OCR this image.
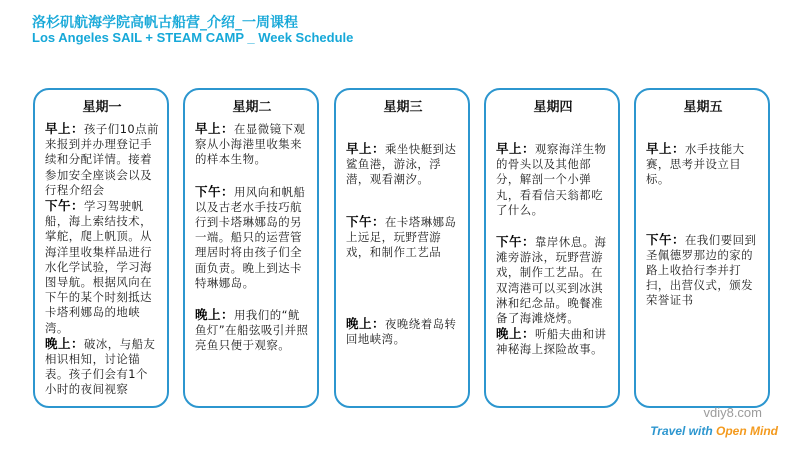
洛杉矶航海学院高帆古船营_介绍_一周课程
Los Angeles SAIL + STEAM CAMP _ Week Schedule
星期一
早上：孩子们10点前来报到并办理登记手续和分配详情。接着参加安全座谈会以及行程介绍会
下午：学习驾驶帆船，海上索结技术，掌舵，爬上帆顶。从海洋里收集样品进行水化学试验，学习海图导航。根据风向在下午的某个时刻抵达卡塔利娜岛的地峡湾。
晚上：破冰，与船友相识相知，讨论锚表。孩子们会有1个小时的夜间视察
星期二
早上：在显微镜下观察从小海港里收集来的样本生物。
下午：用风向和帆船以及古老水手技巧航行到卡塔琳娜岛的另一端。船只的运营管理居时将由孩子们全面负责。晚上到达卡特琳娜岛。
晚上：用我们的“鱿鱼灯”在船弦吸引并照亮鱼只便于观察。
星期三
早上：乘坐快艇到达鲨鱼港，游泳，浮潜，观看潮汐。
下午：在卡塔琳娜岛上远足，玩野营游戏，和制作工艺品
晚上：夜晚绕着岛转回地峡湾。
星期四
早上：观察海洋生物的骨头以及其他部分，解剖一个小弹丸，看看信天翁都吃了什么。
下午：靠岸休息。海滩旁游泳，玩野营游戏，制作工艺品。在双湾港可以买到冰淇淋和纪念品。晚餐准备了海滩烧烤。
晚上：听船夫曲和讲神秘海上探险故事。
星期五
早上：水手技能大赛，思考并设立目标。
下午：在我们要回到圣佩德罗那边的家的路上收拾行李并打扫，出营仪式，颁发荣誉证书
vdiy8.com
Travel with Open Mind
